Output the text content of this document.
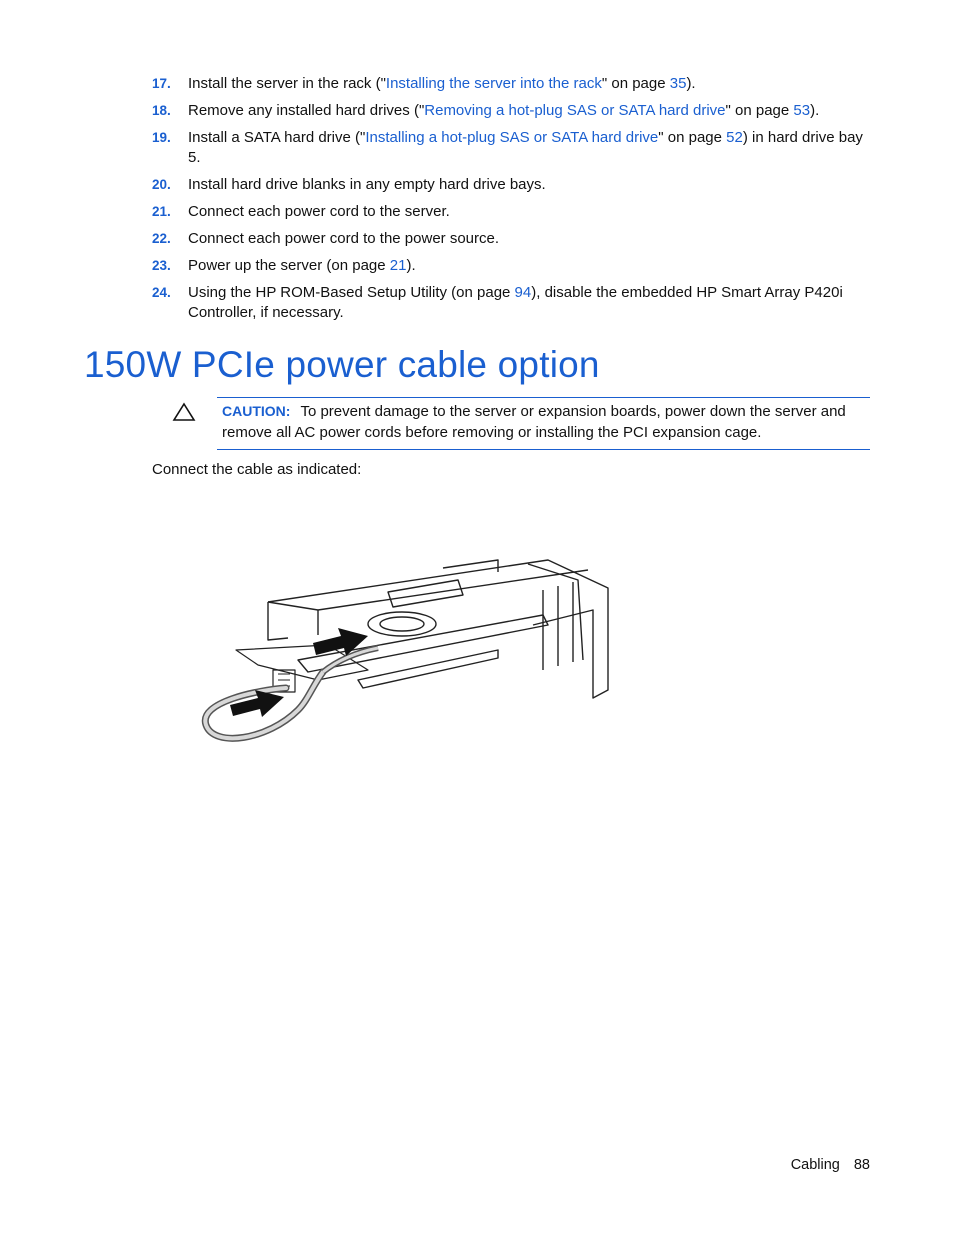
17. Install the server in the rack ("Installing the server into the rack" on page 35).
18. Remove any installed hard drives ("Removing a hot-plug SAS or SATA hard drive" on page 53).
19. Install a SATA hard drive ("Installing a hot-plug SAS or SATA hard drive" on page 52) in hard drive bay 5.
20. Install hard drive blanks in any empty hard drive bays.
21. Connect each power cord to the server.
22. Connect each power cord to the power source.
23. Power up the server (on page 21).
24. Using the HP ROM-Based Setup Utility (on page 94), disable the embedded HP Smart Array P420i Controller, if necessary.
150W PCIe power cable option
CAUTION: To prevent damage to the server or expansion boards, power down the server and remove all AC power cords before removing or installing the PCI expansion cage.
Connect the cable as indicated:
Cabling 88
